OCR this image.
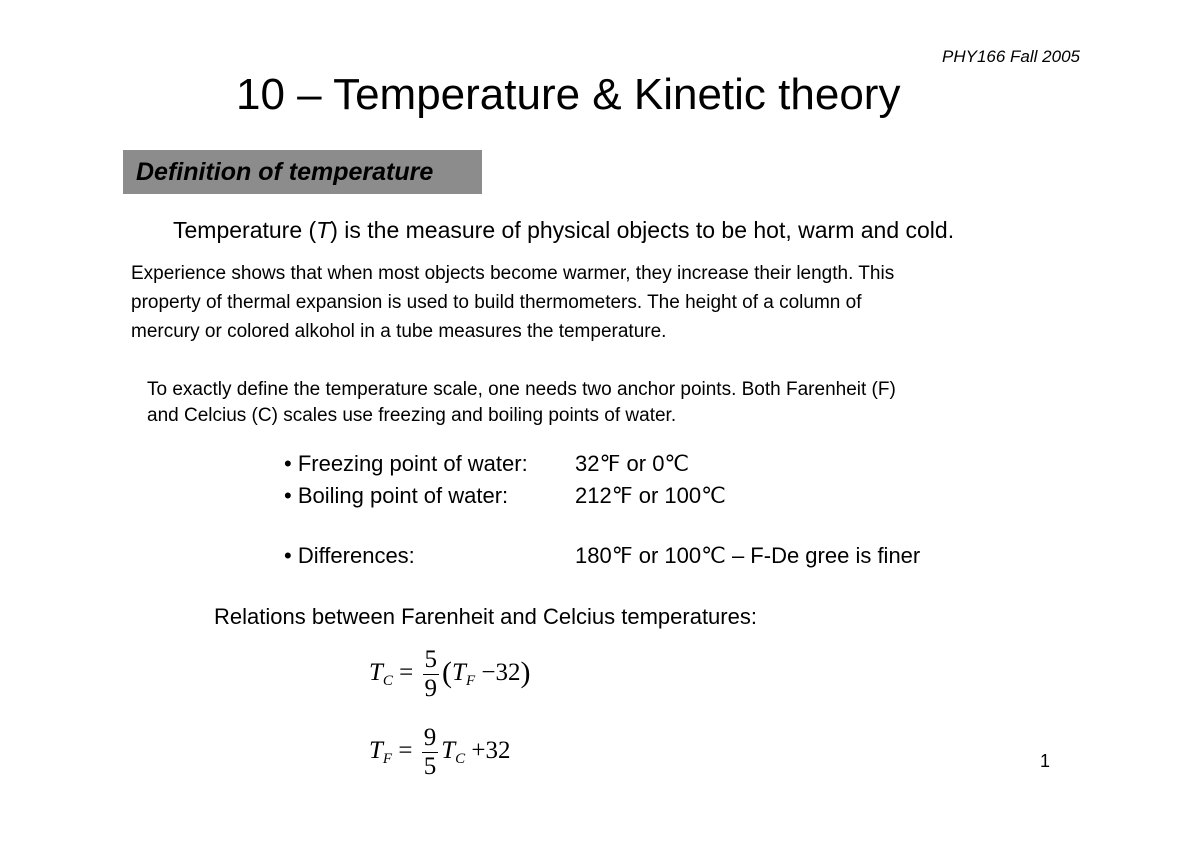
PHY166 Fall 2005
10 – Temperature & Kinetic theory
Definition of temperature
Temperature (T) is the measure of physical objects to be hot, warm and cold.
Experience shows that when most objects become warmer, they increase their length. This
property of thermal expansion is used to build thermometers. The height of a column of
mercury or colored alkohol in a tube measures the temperature.
To exactly define the temperature scale, one needs two anchor points. Both Farenheit (F)
and Celcius (C) scales use freezing and boiling points of water.
• Freezing point of water: 32℉ or 0℃
• Boiling point of water:	212℉ or 100℃
• Differences:	180℉ or 100℃ – F-De gree is finer
Relations between Farenheit and Celcius temperatures:
$T_C = \frac{5}{9} (T_F -32)$
$T_F = \frac{9}{5} T_C +32$	1
